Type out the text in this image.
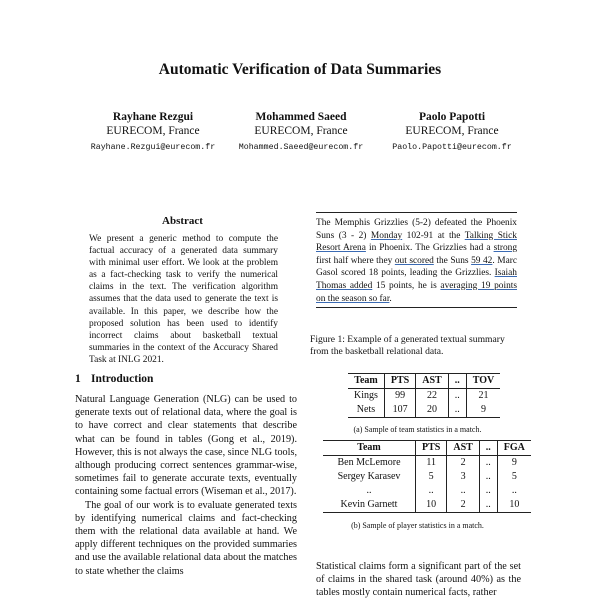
Automatic Verification of Data Summaries
Rayhane Rezgui
EURECOM, France
Rayhane.Rezgui@eurecom.fr
Mohammed Saeed
EURECOM, France
Mohammed.Saeed@eurecom.fr
Paolo Papotti
EURECOM, France
Paolo.Papotti@eurecom.fr
Abstract
We present a generic method to compute the factual accuracy of a generated data summary with minimal user effort. We look at the problem as a fact-checking task to verify the numerical claims in the text. The verification algorithm assumes that the data used to generate the text is available. In this paper, we describe how the proposed solution has been used to identify incorrect claims about basketball textual summaries in the context of the Accuracy Shared Task at INLG 2021.
1 Introduction

Natural Language Generation (NLG) can be used to generate texts out of relational data, where the goal is to have correct and clear statements that describe what can be found in tables (Gong et al., 2019). However, this is not always the case, since NLG tools, although producing correct sentences grammar-wise, sometimes fail to generate accurate texts, eventually containing some factual errors (Wiseman et al., 2017).

The goal of our work is to evaluate generated texts by identifying numerical claims and fact-checking them with the relational data available at hand. We apply different techniques on the provided summaries and use the available relational data about the matches to state whether the claims

The Memphis Grizzlies (5-2) defeated the Phoenix Suns (3 - 2) Monday 102-91 at the Talking Stick Resort Arena in Phoenix. The Grizzlies had a strong first half where they out scored the Suns 59 42. Marc Gasol scored 18 points, leading the Grizzlies. Isaiah Thomas added 15 points, he is averaging 19 points on the season so far.
Figure 1: Example of a generated textual summary from the basketball relational data.
Team	PTS	AST	..	TOV
Kings	99	22	..	21
Nets	107	20	..	9
(a) Sample of team statistics in a match.
Team	PTS	AST	..	FGA
Ben McLemore	11	2	..	9
Sergey Karasev	5	3	..	5
..	..	..	..	..
Kevin Garnett	10	2	..	10
(b) Sample of player statistics in a match.
Statistical claims form a significant part of the set of claims in the shared task (around 40%) as the tables mostly contain numerical facts, rather
